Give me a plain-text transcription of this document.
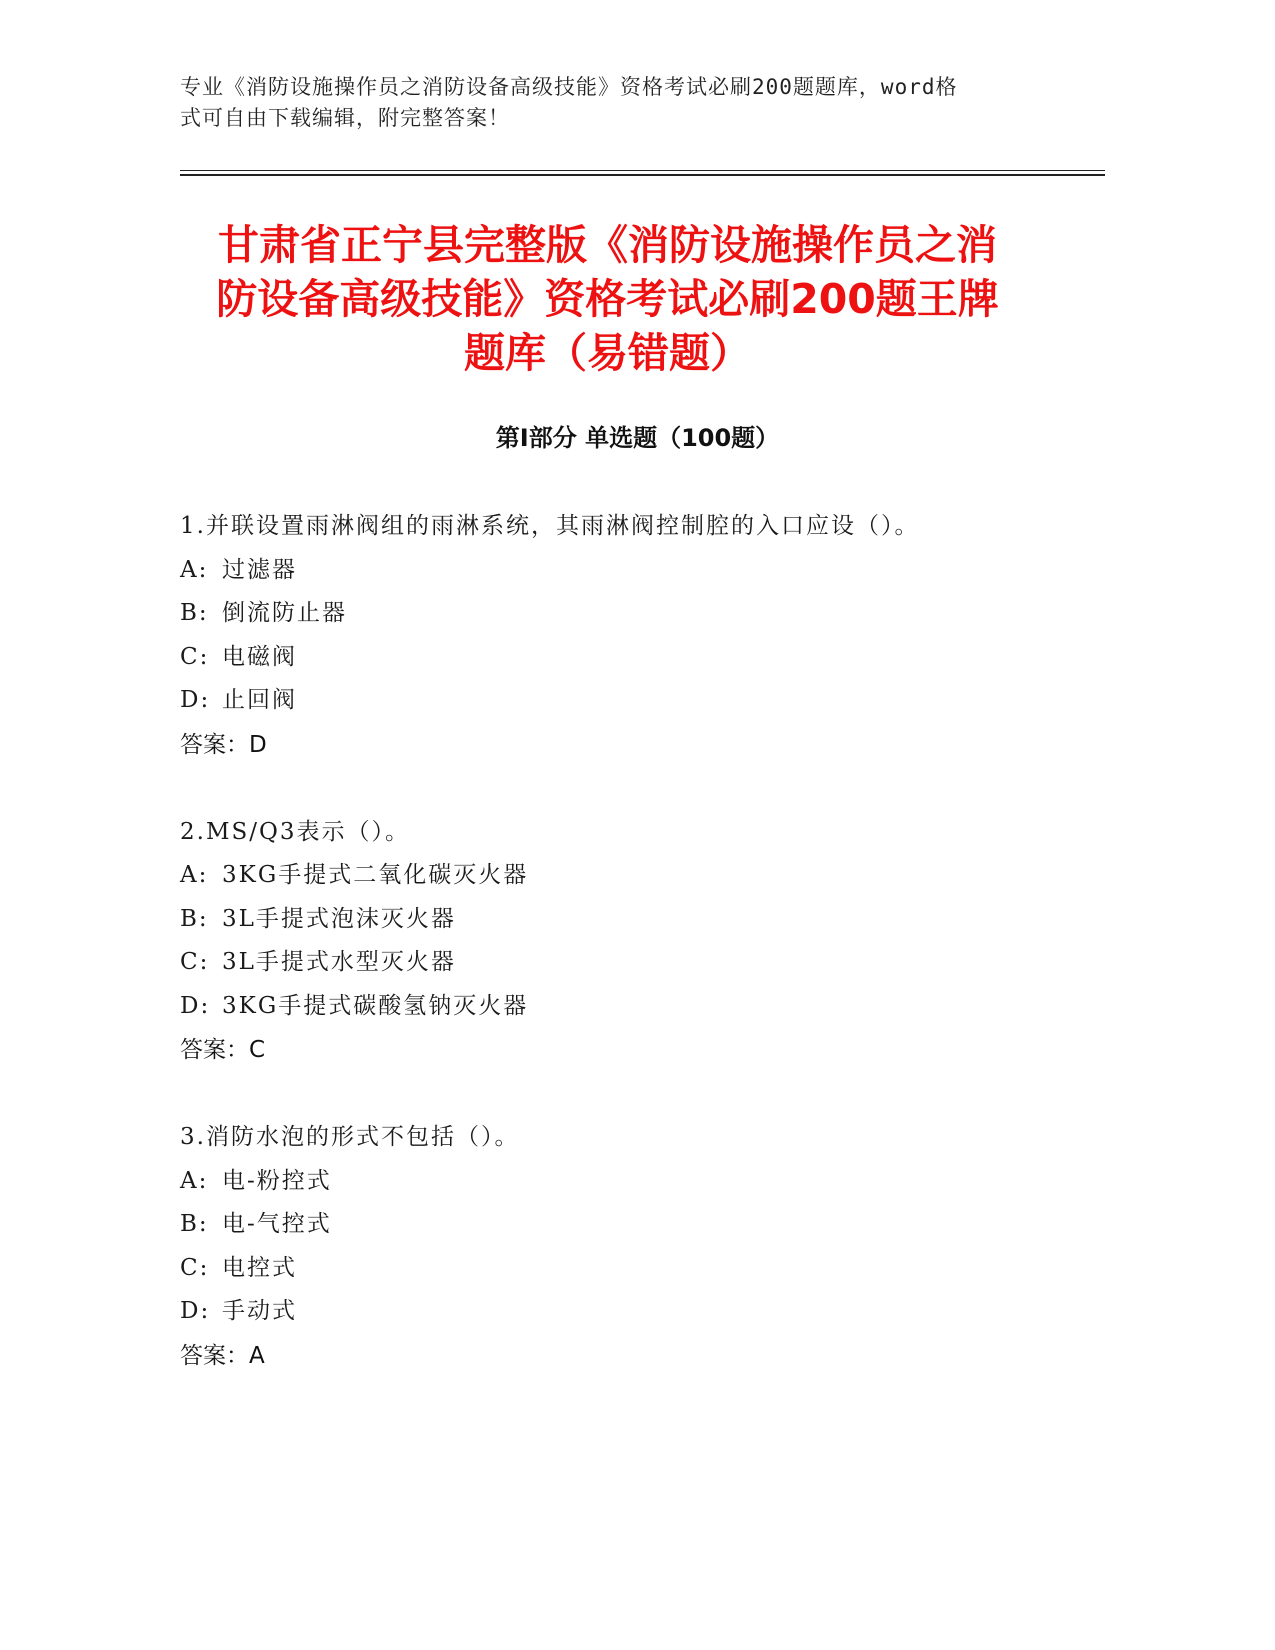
专业《消防设施操作员之消防设备高级技能》资格考试必刷200题题库，word格
式可自由下载编辑，附完整答案！
甘肃省正宁县完整版《消防设施操作员之消
防设备高级技能》资格考试必刷200题王牌
题库（易错题）
第Ⅰ部分 单选题（100题）
1.并联设置雨淋阀组的雨淋系统，其雨淋阀控制腔的入口应设（）。
A: 过滤器
B: 倒流防止器
C: 电磁阀
D: 止回阀
答案：D
2.MS/Q3表示（）。
A: 3KG手提式二氧化碳灭火器
B: 3L手提式泡沫灭火器
C: 3L手提式水型灭火器
D: 3KG手提式碳酸氢钠灭火器
答案：C
3.消防水泡的形式不包括（）。
A: 电-粉控式
B: 电-气控式
C: 电控式
D: 手动式
答案：A
